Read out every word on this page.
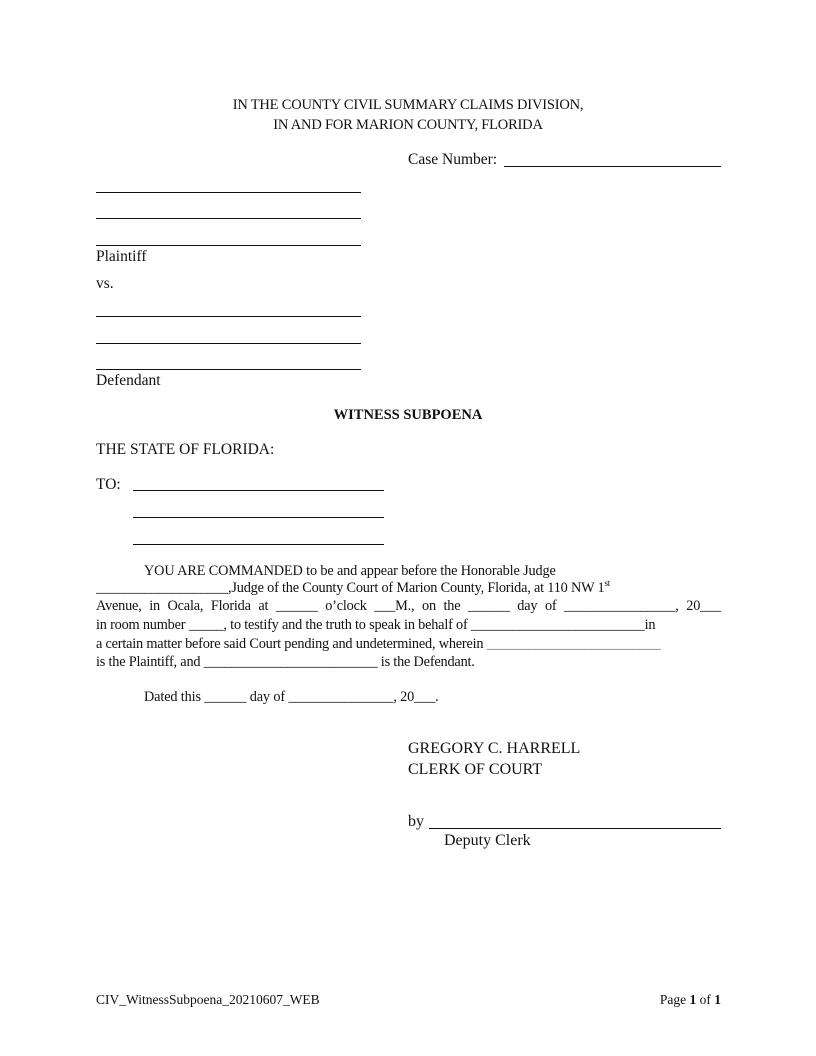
IN THE COUNTY CIVIL SUMMARY CLAIMS DIVISION,
IN AND FOR MARION COUNTY, FLORIDA
Case Number:
Plaintiff
vs.
Defendant
WITNESS SUBPOENA
THE STATE OF FLORIDA:
TO:
YOU ARE COMMANDED to be and appear before the Honorable Judge
___________________,Judge of the County Court of Marion County, Florida, at 110 NW 1st
Avenue, in Ocala, Florida at ______ o’clock ___M., on the ______ day of ________________, 20___
in room number _____, to testify and the truth to speak in behalf of _________________________in
a certain matter before said Court pending and undetermined, wherein _________________________
is the Plaintiff, and _________________________ is the Defendant.
Dated this ______ day of _______________, 20___.
GREGORY C. HARRELL
CLERK OF COURT
by
Deputy Clerk
CIV_WitnessSubpoena_20210607_WEB	Page 1 of 1
